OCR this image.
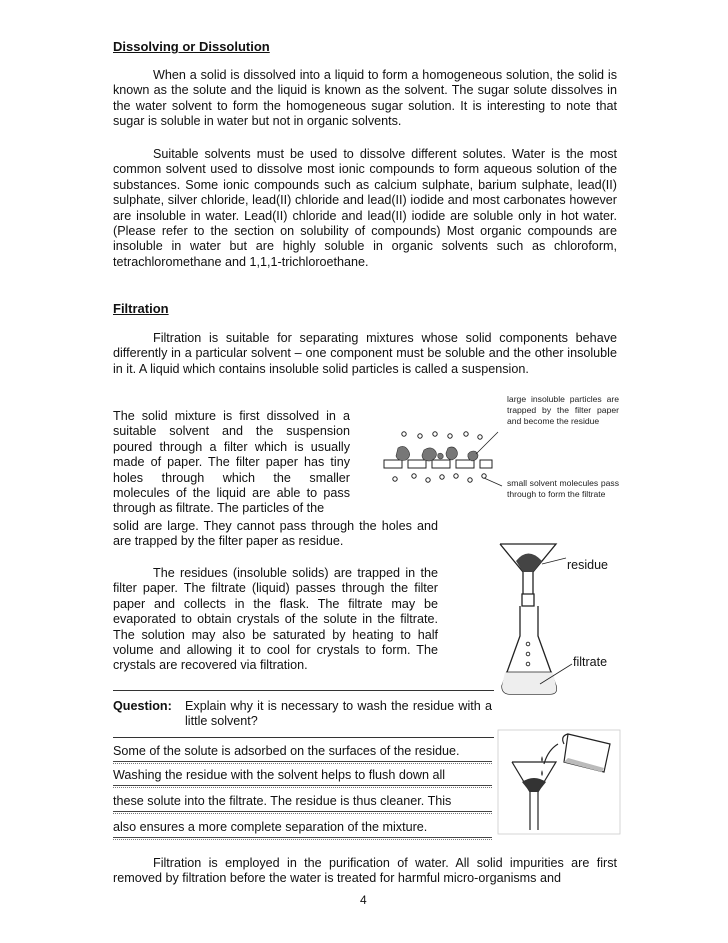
Dissolving or Dissolution

When a solid is dissolved into a liquid to form a homogeneous solution, the solid is known as the solute and the liquid is known as the solvent. The sugar solute dissolves in the water solvent to form the homogeneous sugar solution. It is interesting to note that sugar is soluble in water but not in organic solvents.

Suitable solvents must be used to dissolve different solutes. Water is the most common solvent used to dissolve most ionic compounds to form aqueous solution of the substances. Some ionic compounds such as calcium sulphate, barium sulphate, lead(II) sulphate, silver chloride, lead(II) chloride and lead(II) iodide and most carbonates however are insoluble in water. Lead(II) chloride and lead(II) iodide are soluble only in hot water. (Please refer to the section on solubility of compounds) Most organic compounds are insoluble in water but are highly soluble in organic solvents such as chloroform, tetrachloromethane and 1,1,1-trichloroethane.

Filtration

Filtration is suitable for separating mixtures whose solid components behave differently in a particular solvent – one component must be soluble and the other insoluble in it. A liquid which contains insoluble solid particles is called a suspension.

The solid mixture is first dissolved in a suitable solvent and the suspension poured through a filter which is usually made of paper. The filter paper has tiny holes through which the smaller molecules of the liquid are able to pass through as filtrate. The particles of the

solid are large. They cannot pass through the holes and are trapped by the filter paper as residue.

large insoluble particles are trapped by the filter paper and become the residue
small solvent molecules pass through to form the filtrate

The residues (insoluble solids) are trapped in the filter paper. The filtrate (liquid) passes through the filter paper and collects in the flask. The filtrate may be evaporated to obtain crystals of the solute in the filtrate. The solution may also be saturated by heating to half volume and allowing it to cool for crystals to form. The crystals are recovered via filtration.

residue
filtrate
Question: Explain why it is necessary to wash the residue with a little solvent?
Some of the solute is adsorbed on the surfaces of the residue.
Washing the residue with the solvent helps to flush down all
these solute into the filtrate. The residue is thus cleaner. This
also ensures a more complete separation of the mixture.

Filtration is employed in the purification of water. All solid impurities are first removed by filtration before the water is treated for harmful micro-organisms and

4
